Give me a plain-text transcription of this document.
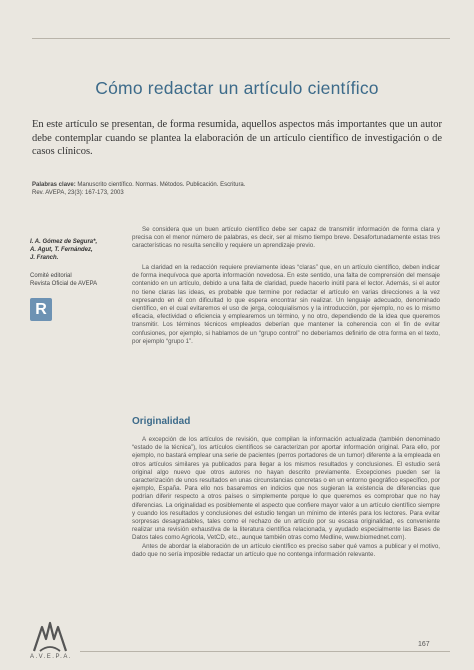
Cómo redactar un artículo científico
En este artículo se presentan, de forma resumida, aquellos aspectos más importantes que un autor debe contemplar cuando se plantea la elaboración de un artículo científico de investigación o de casos clínicos.
Palabras clave: Manuscrito científico. Normas. Métodos. Publicación. Escritura.
Rev. AVEPA, 23(3): 167-173, 2003
I. A. Gómez de Segura*,
A. Agut, T. Fernández,
J. Franch.
Comité editorial
Revista Oficial de AVEPA
R

Se considera que un buen artículo científico debe ser capaz de transmitir información de forma clara y precisa con el menor número de palabras, es decir, ser al mismo tiempo breve. Desafortunadamente estas tres características no resulta sencillo y requiere un aprendizaje previo.

La claridad en la redacción requiere previamente ideas “claras” que, en un artículo científico, deben indicar de forma inequívoca que aporta información novedosa. En este sentido, una falta de comprensión del mensaje contenido en un artículo, debido a una falta de claridad, puede hacerlo inútil para el lector. Además, si el autor no tiene claras las ideas, es probable que termine por redactar el artículo en varias direcciones a la vez expresando en él con dificultad lo que espera encontrar sin realizar. Un lenguaje adecuado, denominado científico, en el cual evitaremos el uso de jerga, coloquialismos y la introducción, por ejemplo, no es lo mismo eficacia, efectividad o eficiencia y emplearemos un término, y no otro, dependiendo de la idea que queremos transmitir. Los términos técnicos empleados deberían que mantener la coherencia con el fin de evitar confusiones, por ejemplo, si hablamos de un “grupo control” no deberíamos definirlo de otra forma en el texto, por ejemplo “grupo 1”.

Originalidad

A excepción de los artículos de revisión, que compilan la información actualizada (también denominado “estado de la técnica”), los artículos científicos se caracterizan por aportar información original. Para ello, por ejemplo, no bastará emplear una serie de pacientes (perros portadores de un tumor) diferente a la empleada en otros artículos similares ya publicados para llegar a los mismos resultados y conclusiones. El estudio será original algo nuevo que otros autores no hayan descrito previamente. Excepciones pueden ser la caracterización de unos resultados en unas circunstancias concretas o en un entorno geográfico específico, por ejemplo, España. Para ello nos basaremos en indicios que nos sugieran la existencia de diferencias que podrían diferir respecto a otros países o simplemente porque lo que queremos es comprobar que no hay diferencias. La originalidad es posiblemente el aspecto que confiere mayor valor a un artículo científico siempre y cuando los resultados y conclusiones del estudio tengan un mínimo de interés para los lectores. Para evitar sorpresas desagradables, tales como el rechazo de un artículo por su escasa originalidad, es conveniente realizar una revisión exhaustiva de la literatura científica relacionada, y ayudado especialmente las Bases de Datos tales como Agricola, VetCD, etc., aunque también otras como Medline, www.biomednet.com).

Antes de abordar la elaboración de un artículo científico es preciso saber qué vamos a publicar y el motivo, dado que no sería imposible redactar un artículo que no contenga información relevante.

A.V.E.P.A.
167
